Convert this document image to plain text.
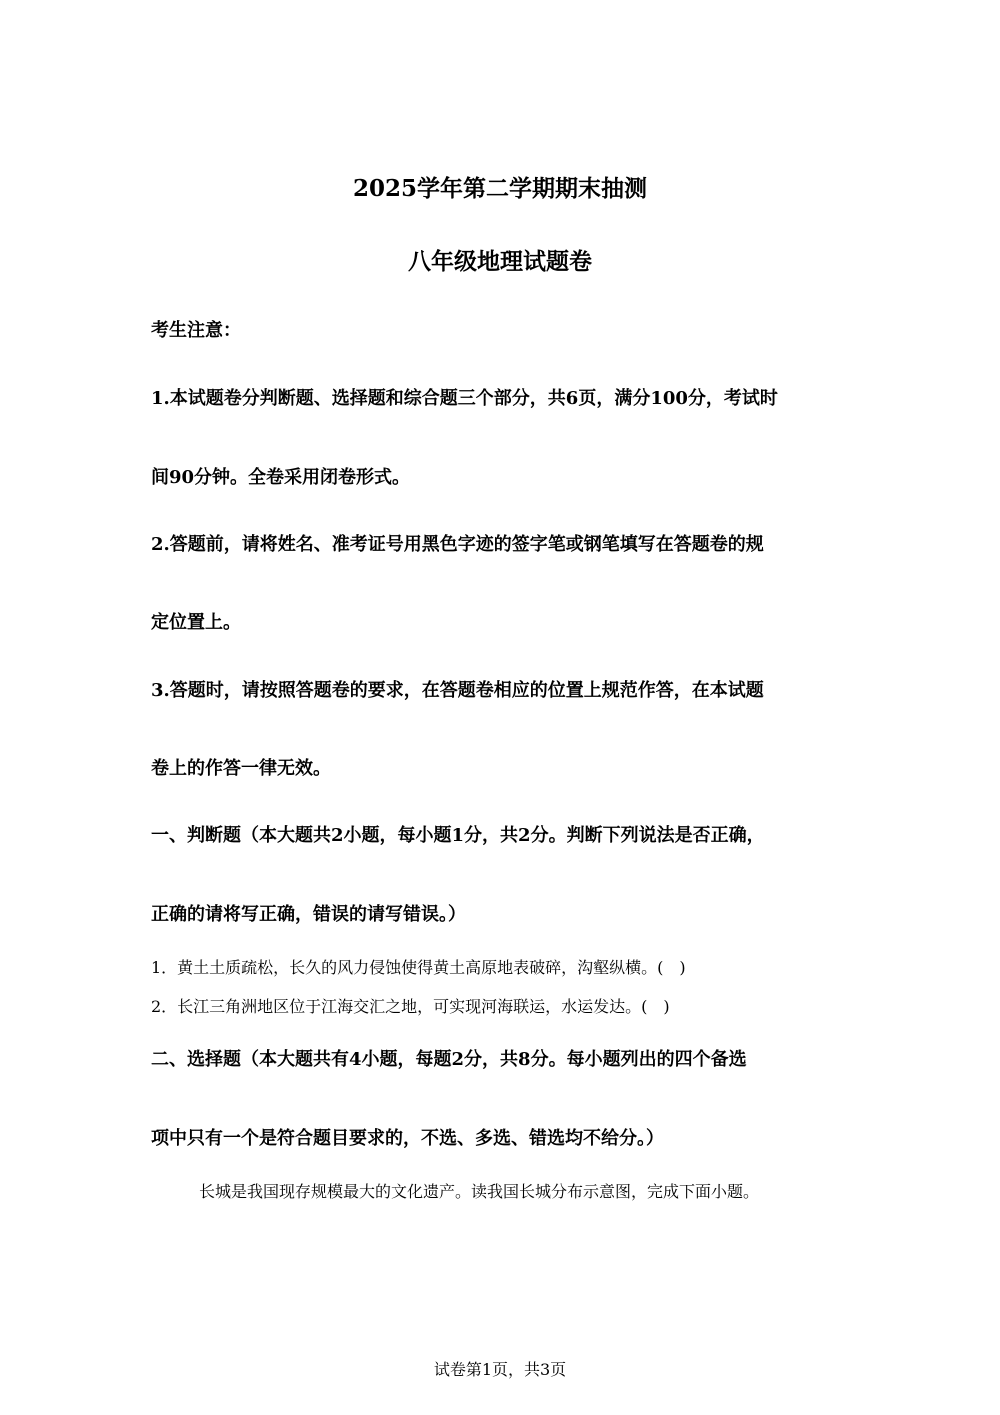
2025学年第二学期期末抽测

八年级地理试题卷

考生注意：

1.本试题卷分判断题、选择题和综合题三个部分，共6页，满分100分，考试时

间90分钟。全卷采用闭卷形式。

2.答题前，请将姓名、准考证号用黑色字迹的签字笔或钢笔填写在答题卷的规

定位置上。

3.答题时，请按照答题卷的要求，在答题卷相应的位置上规范作答，在本试题

卷上的作答一律无效。

一、判断题（本大题共2小题，每小题1分，共2分。判断下列说法是否正确，

正确的请将写正确，错误的请写错误。）

1．黄土土质疏松，长久的风力侵蚀使得黄土高原地表破碎，沟壑纵横。(　)

2．长江三角洲地区位于江海交汇之地，可实现河海联运，水运发达。(　)

二、选择题（本大题共有4小题，每题2分，共8分。每小题列出的四个备选

项中只有一个是符合题目要求的，不选、多选、错选均不给分。）

长城是我国现存规模最大的文化遗产。读我国长城分布示意图，完成下面小题。

试卷第1页，共3页
